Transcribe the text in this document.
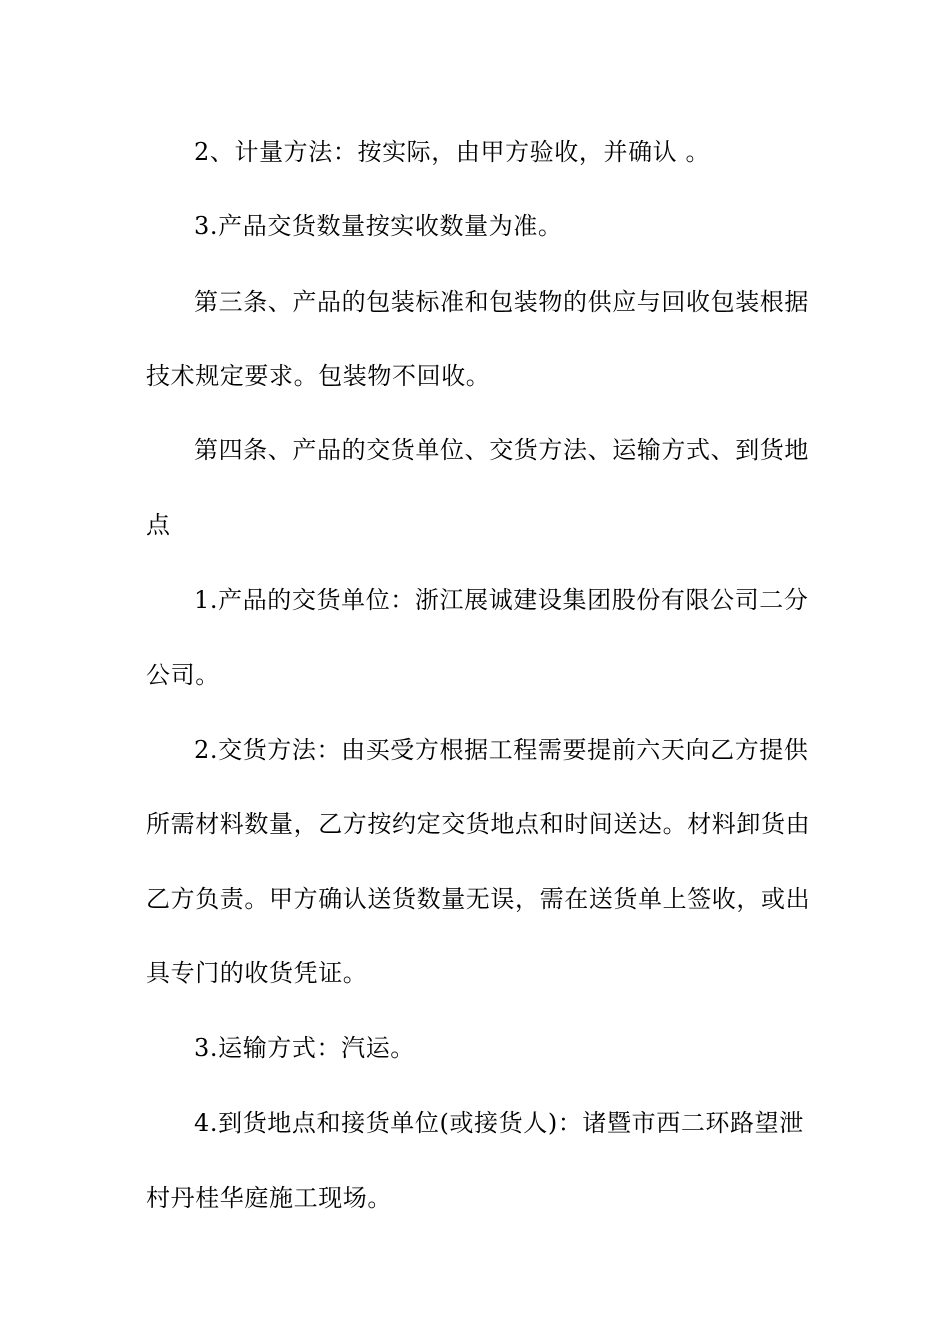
2、计量方法：按实际，由甲方验收，并确认 。
3.产品交货数量按实收数量为准。
第三条、产品的包装标准和包装物的供应与回收包装根据
技术规定要求。包装物不回收。
第四条、产品的交货单位、交货方法、运输方式、到货地
点
1.产品的交货单位：浙江展诚建设集团股份有限公司二分
公司。
2.交货方法：由买受方根据工程需要提前六天向乙方提供
所需材料数量，乙方按约定交货地点和时间送达。材料卸货由
乙方负责。甲方确认送货数量无误，需在送货单上签收，或出
具专门的收货凭证。
3.运输方式：汽运。
4.到货地点和接货单位(或接货人)：诸暨市西二环路望泄
村丹桂华庭施工现场。
